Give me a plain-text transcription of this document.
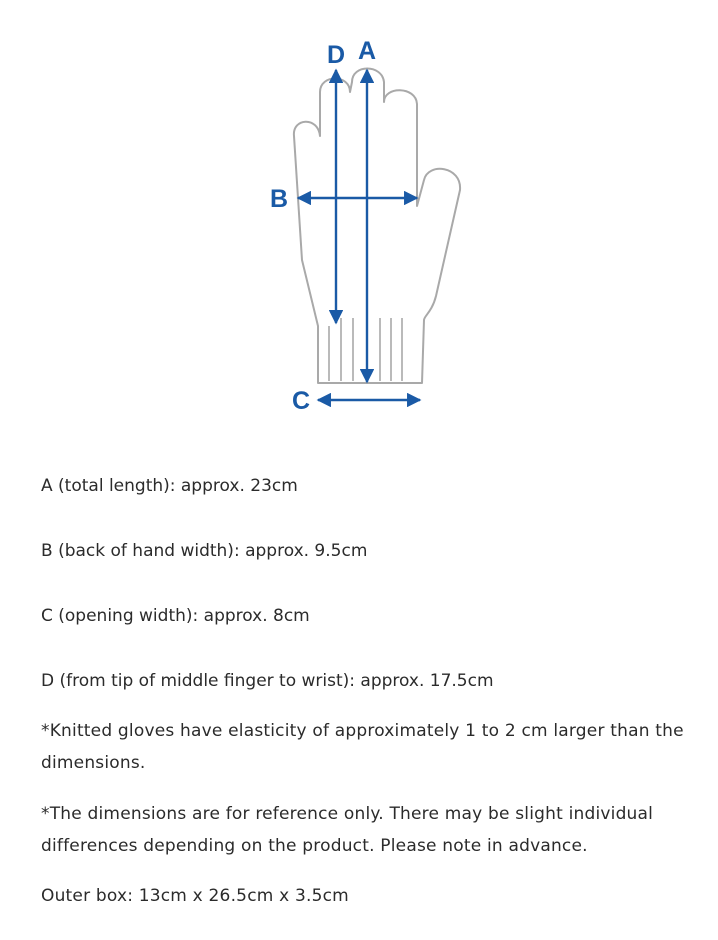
D A
B
C

A (total length): approx. 23cm

B (back of hand width): approx. 9.5cm

C (opening width): approx. 8cm

D (from tip of middle finger to wrist): approx. 17.5cm

*Knitted gloves have elasticity of approximately 1 to 2 cm larger than the dimensions.

*The dimensions are for reference only. There may be slight individual differences depending on the product. Please note in advance.

Outer box: 13cm x 26.5cm x 3.5cm
